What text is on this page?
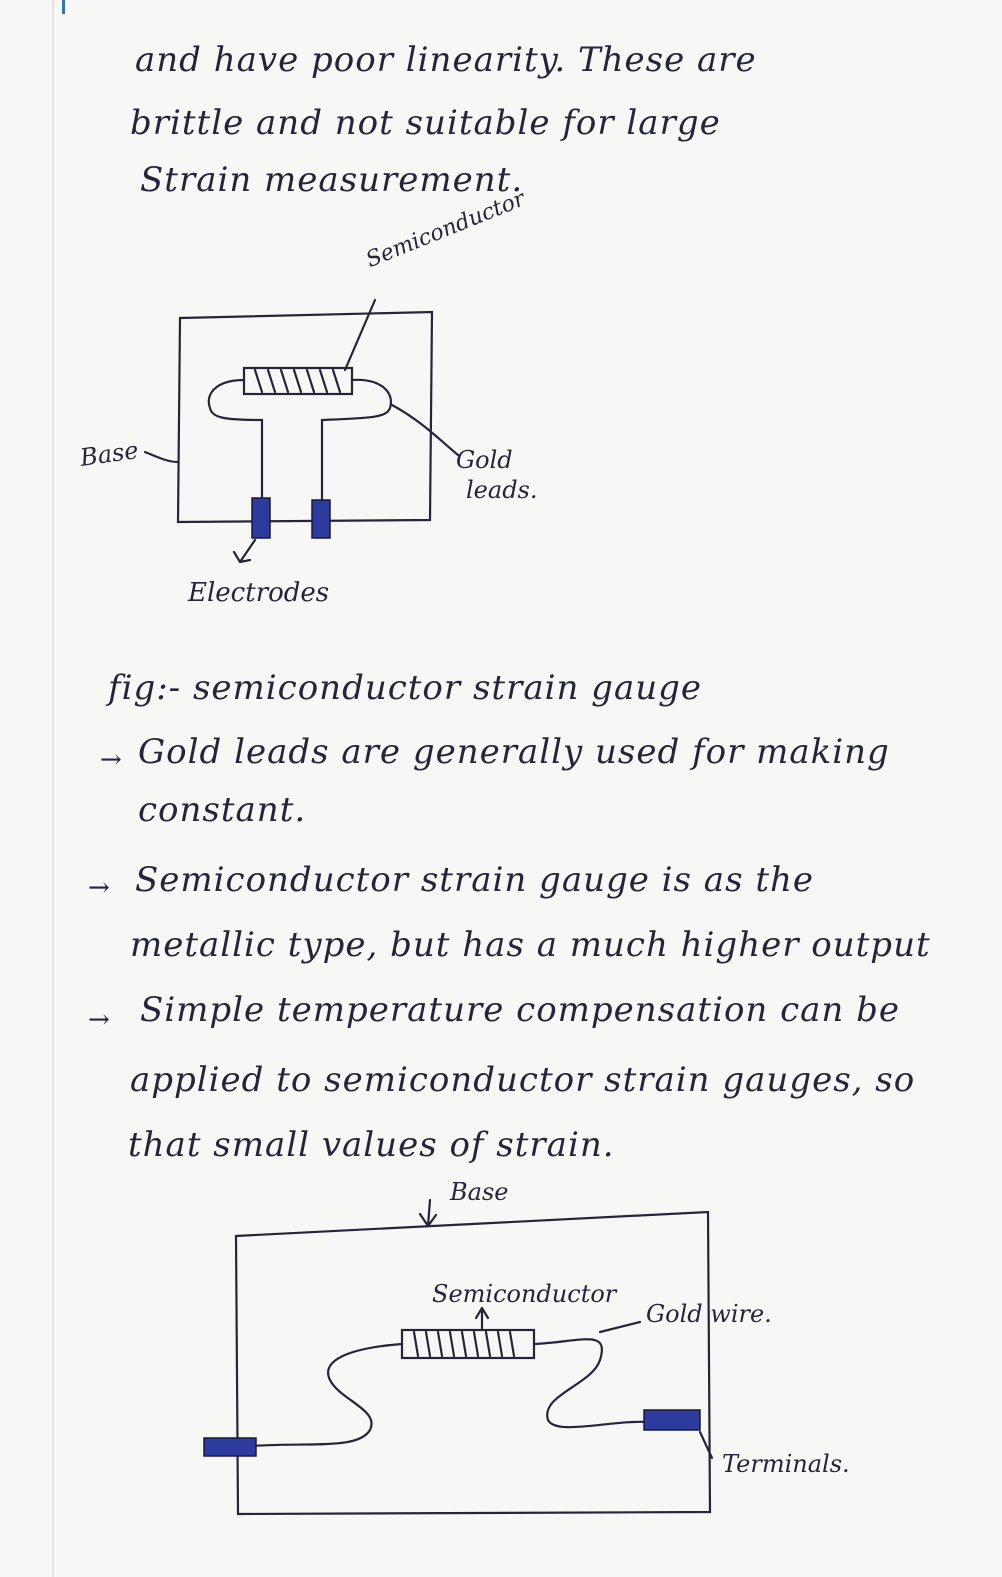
and have poor linearity. These are
brittle and not suitable for large
Strain measurement.
Semiconductor
Base	Gold
leads.
Electrodes
fig:- semiconductor strain gauge
→ Gold leads are generally used for making
constant.
→ Semiconductor strain gauge is as the
metallic type, but has a much higher output
→ Simple temperature compensation can be
applied to semiconductor strain gauges, so
that small values of strain.
Base
Semiconductor
Gold wire.
Terminals.
